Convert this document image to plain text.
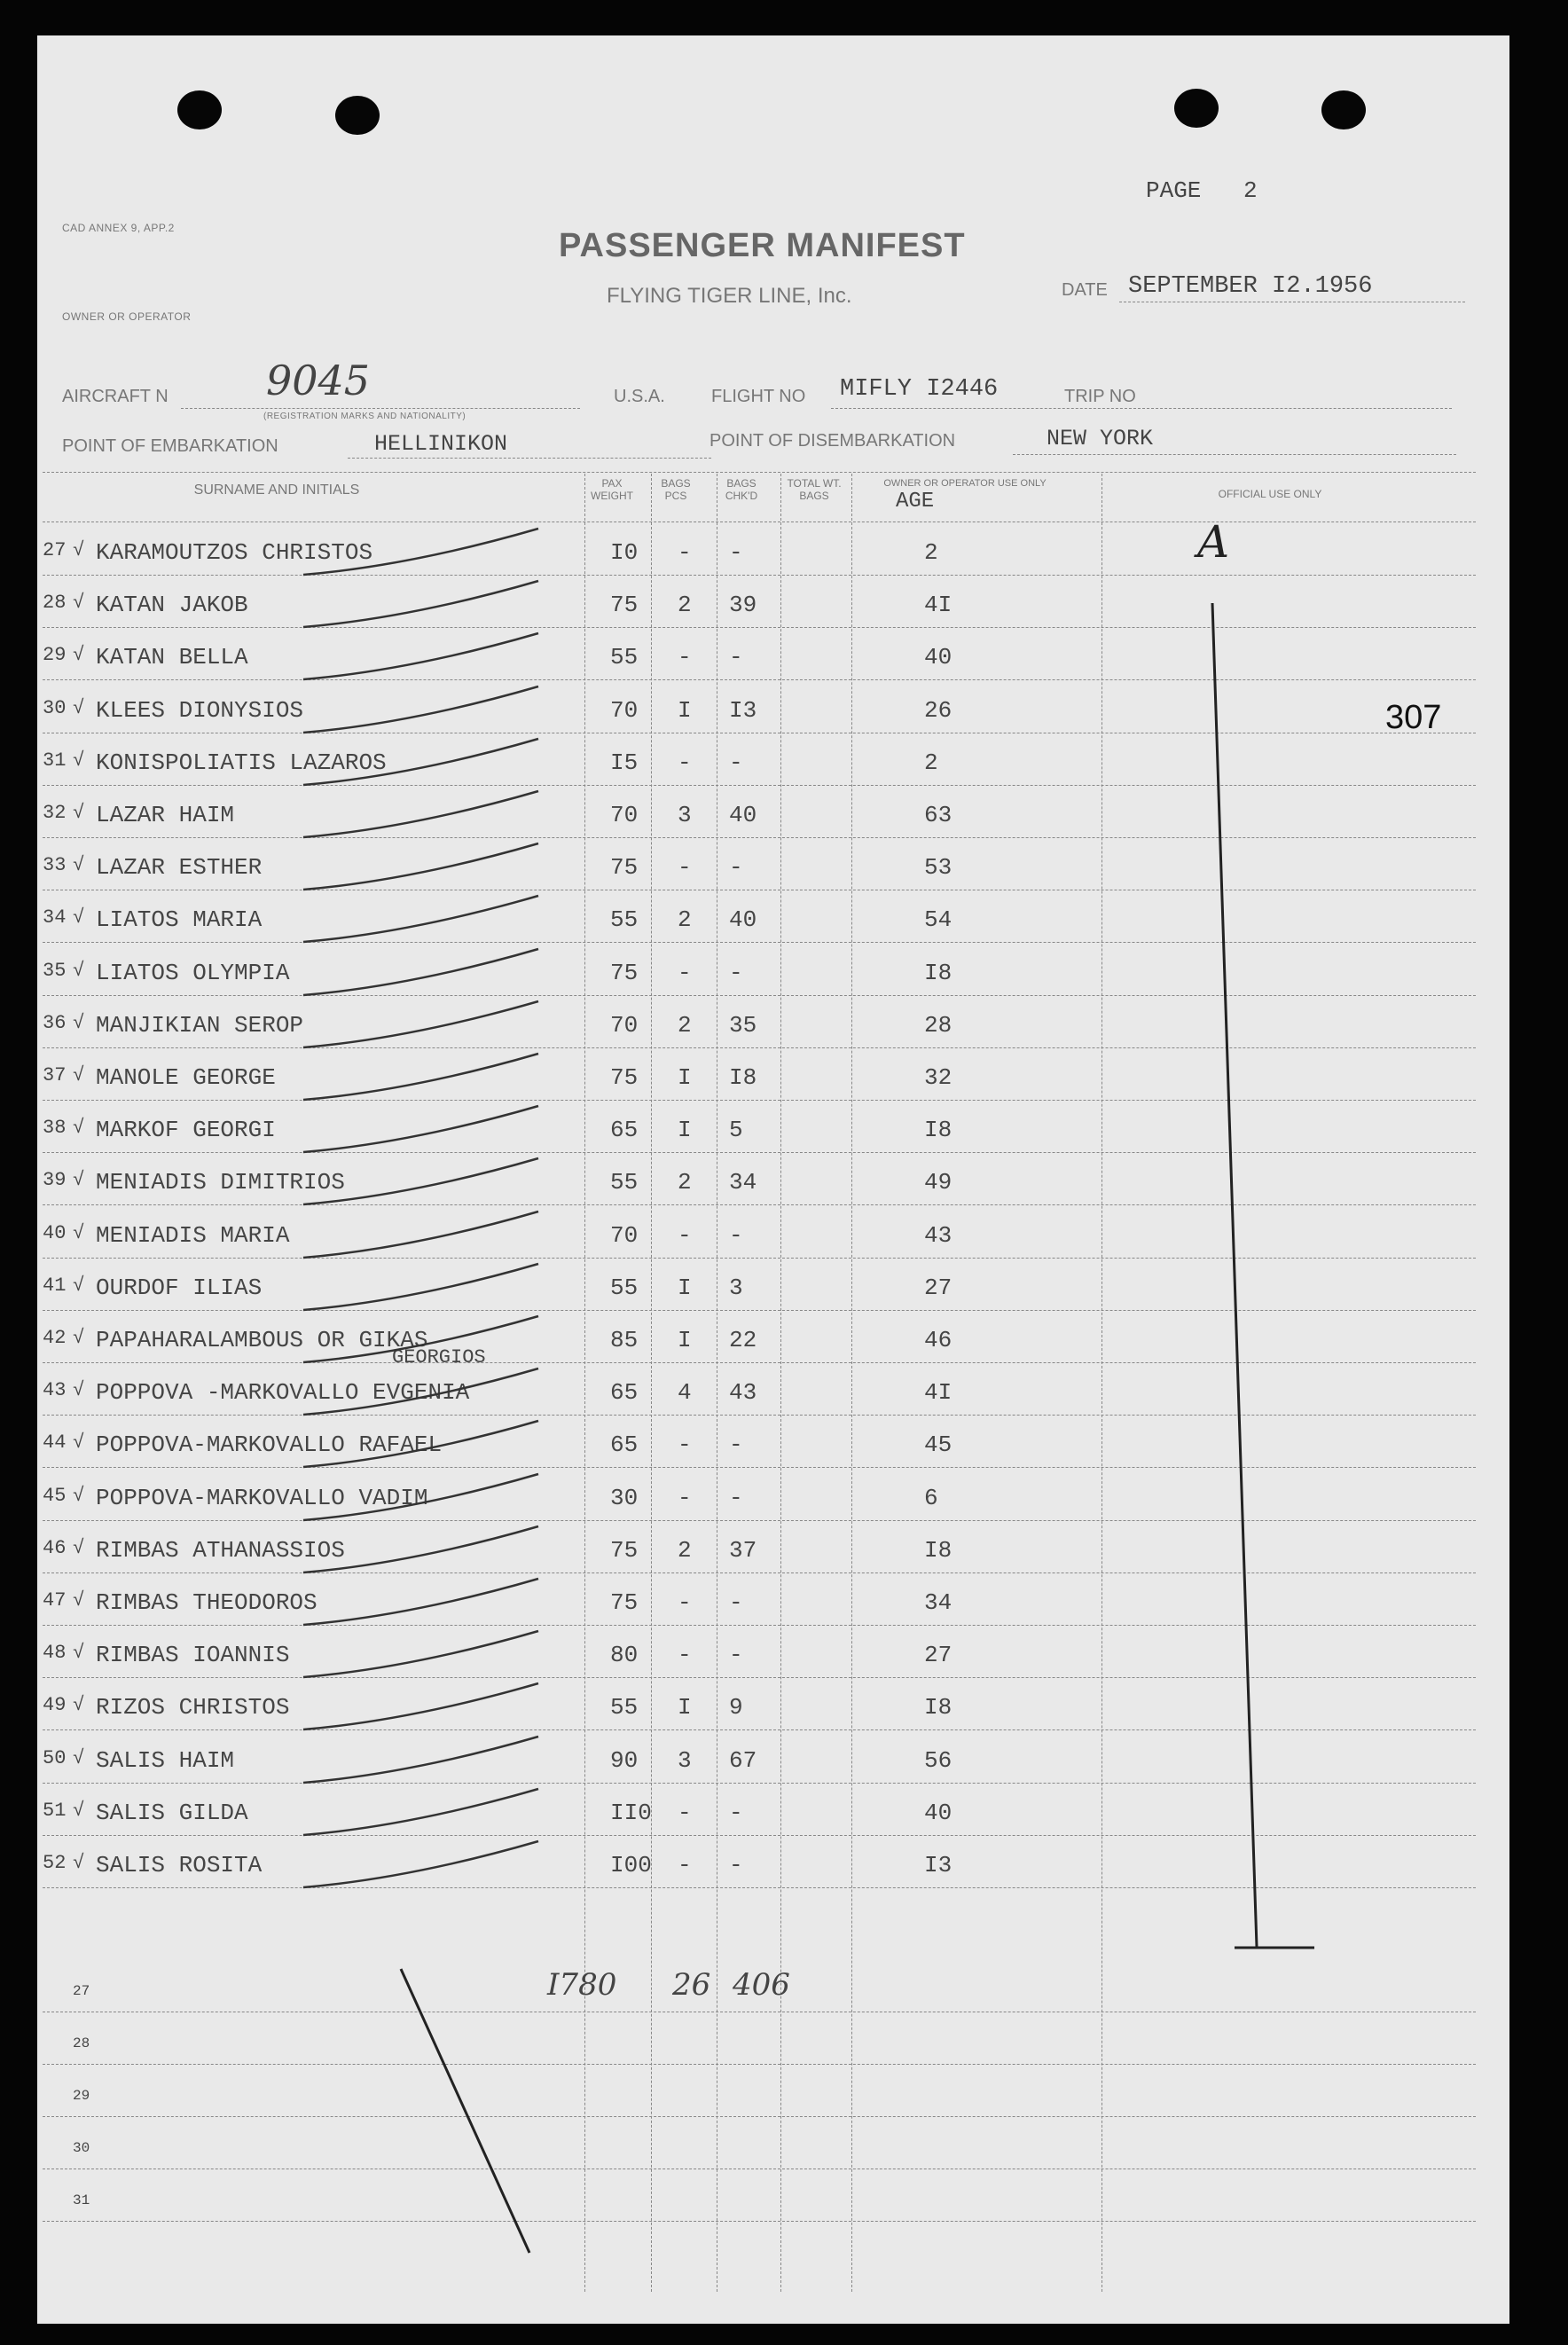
PAGE 2
CAD ANNEX 9, APP.2	PASSENGER MANIFEST
FLYING TIGER LINE, Inc.
OWNER OR OPERATOR
DATE SEPTEMBER I2.1956
AIRCRAFT N 9045
(REGISTRATION MARKS AND NATIONALITY)
U.S.A.	FLIGHT NO MIFLY I2446	TRIP NO
POINT OF EMBARKATION	HELLINIKON	POINT OF DISEMBARKATION	NEW YORK
307
SURNAME AND INITIALS	PAX WEIGHT
BAGS PCS
BAGS CHK'D
TOTAL WT. BAGS
OWNER OR OPERATOR USE ONLY
AGE	OFFICIAL USE ONLY
27 √ KARAMOUTZOS CHRISTOS	I0 - -	2
28 √ KATAN JAKOB	75 2 39	4I
29 √ KATAN BELLA	55 - -	40
30 √ KLEES DIONYSIOS	70 I I3	26
31 √ KONISPOLIATIS LAZAROS	I5 - -	2
32 √ LAZAR HAIM	70 3 40	63
33 √ LAZAR ESTHER	75 - -	53
34 √ LIATOS MARIA	55 2 40	54
35 √ LIATOS OLYMPIA	75 - -	I8
36 √ MANJIKIAN SEROP	70 2 35	28
37 √ MANOLE GEORGE	75 I I8	32
38 √ MARKOF GEORGI	65 I 5	I8
39 √ MENIADIS DIMITRIOS	55 2 34	49
40 √ MENIADIS MARIA	70 - -	43
41 √ OURDOF ILIAS	55 I 3	27
42 √ PAPAHARALAMBOUS OR GIKAS
GEORGIOS
85 I 22	46
43 √ POPPOVA -MARKOVALLO EVGENIA	65 4 43	4I
44 √ POPPOVA-MARKOVALLO RAFAEL	65 - -	45
45 √ POPPOVA-MARKOVALLO VADIM	30 - -	6
46 √ RIMBAS ATHANASSIOS	75 2 37	I8
47 √ RIMBAS THEODOROS	75 - -	34
48 √ RIMBAS IOANNIS	80 - -	27
49 √ RIZOS CHRISTOS	55 I 9	I8
50 √ SALIS HAIM	90 3 67	56
51 √ SALIS GILDA	II0 - -	40
52 √ SALIS ROSITA	I00 - -	I3
27
28
29
30
31
I780 26 406
A
